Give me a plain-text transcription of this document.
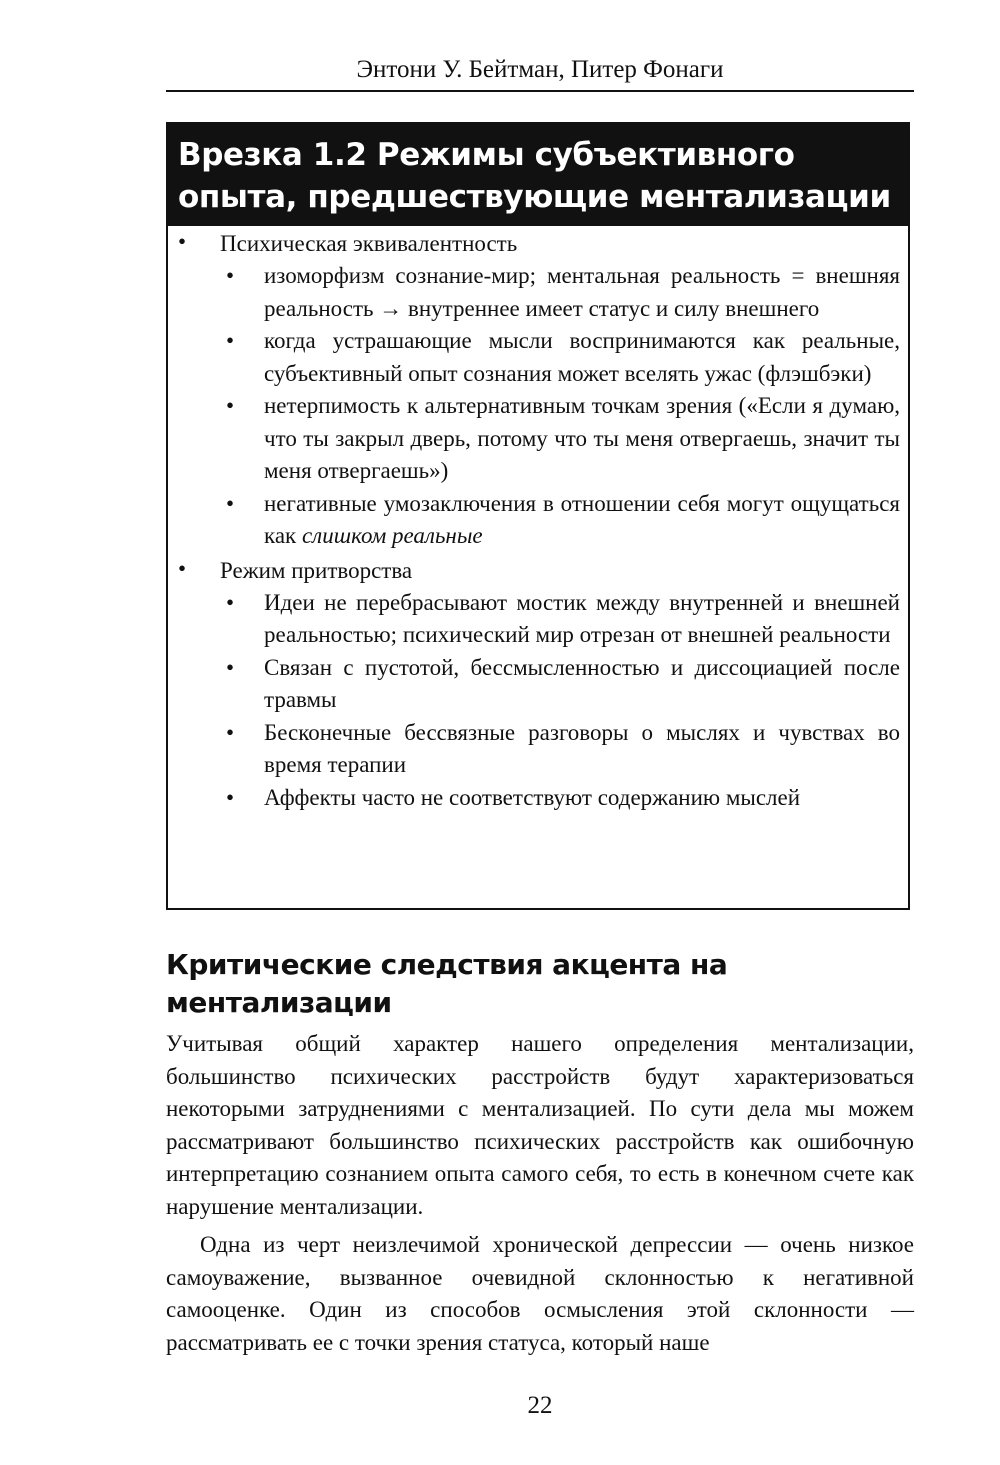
Энтони У. Бейтман, Питер Фонаги
Врезка 1.2 Режимы субъективного опыта, предшествующие ментализации
• Психическая эквивалентность
• изоморфизм сознание-мир; ментальная реальность = внешняя реальность → внутреннее имеет статус и силу внешнего
• когда устрашающие мысли воспринимаются как реальные, субъективный опыт сознания может вселять ужас (флэшбэки)
• нетерпимость к альтернативным точкам зрения («Если я думаю, что ты закрыл дверь, потому что ты меня отвергаешь, значит ты меня отвергаешь»)
• негативные умозаключения в отношении себя могут ощущаться как слишком реальные
• Режим притворства
• Идеи не перебрасывают мостик между внутренней и внешней реальностью; психический мир отрезан от внешней реальности
• Связан с пустотой, бессмысленностью и диссоциацией после травмы
• Бесконечные бессвязные разговоры о мыслях и чувствах во время терапии
• Аффекты часто не соответствуют содержанию мыслей
Критические следствия акцента на
ментализации

Учитывая общий характер нашего определения ментализации, большинство психических расстройств будут характеризоваться некоторыми затруднениями с ментализацией. По сути дела мы можем рассматривают большинство психических расстройств как ошибочную интерпретацию сознанием опыта самого себя, то есть в конечном счете как нарушение ментализации.

Одна из черт неизлечимой хронической депрессии — очень низкое самоуважение, вызванное очевидной склонностью к негативной самооценке. Один из способов осмысления этой склонности — рассматривать ее с точки зрения статуса, который наше

22
